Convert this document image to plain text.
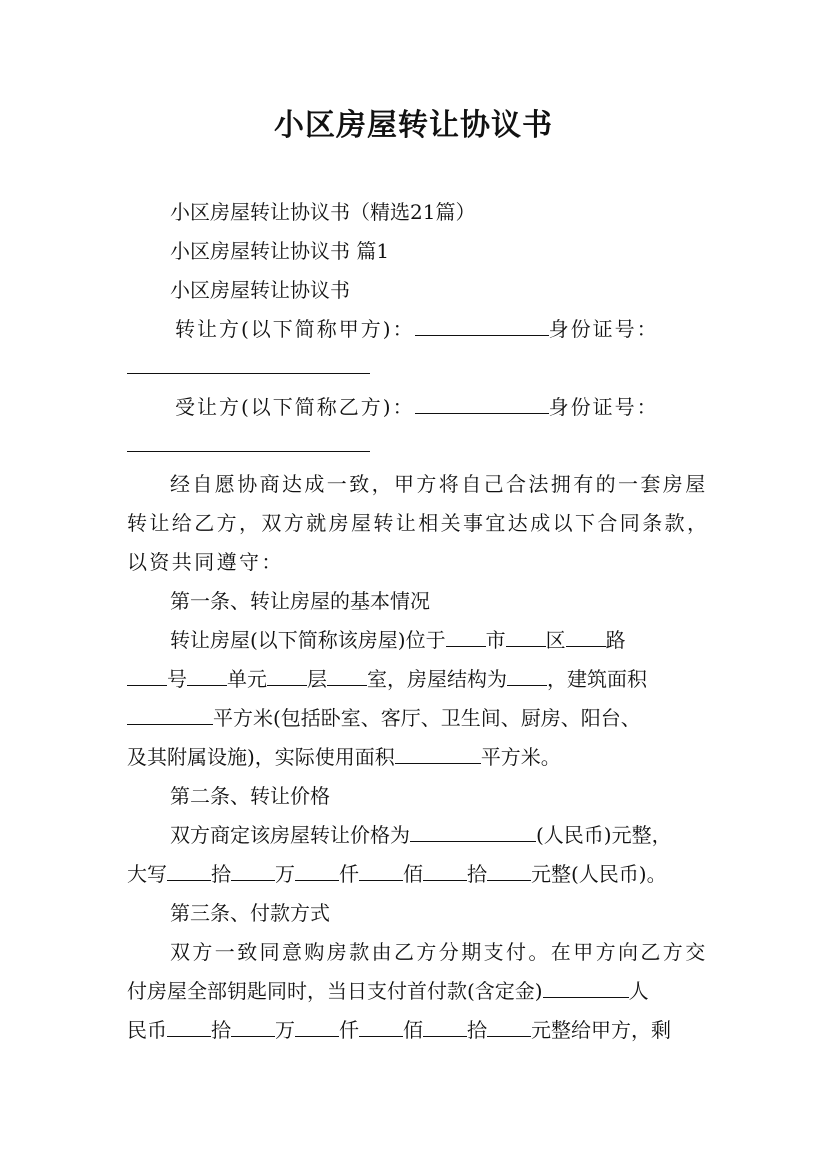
小区房屋转让协议书
小区房屋转让协议书（精选21篇）
小区房屋转让协议书 篇1
小区房屋转让协议书
转让方(以下简称甲方)：	身份证号：
受让方(以下简称乙方)：	身份证号：
经自愿协商达成一致，甲方将自己合法拥有的一套房屋
转让给乙方，双方就房屋转让相关事宜达成以下合同条款，
以资共同遵守：
第一条、转让房屋的基本情况
转让房屋(以下简称该房屋)位于 市 区 路
号 单元 层 室，房屋结构为 ，建筑面积
平方米(包括卧室、客厅、卫生间、厨房、阳台、
及其附属设施)，实际使用面积	平方米。
第二条、转让价格
双方商定该房屋转让价格为	(人民币)元整，
大写 拾 万 仟 佰 拾 元整(人民币)。
第三条、付款方式
双方一致同意购房款由乙方分期支付。在甲方向乙方交
付房屋全部钥匙同时，当日支付首付款(含定金)	人
民币 拾 万 仟 佰 拾 元整给甲方，剩
